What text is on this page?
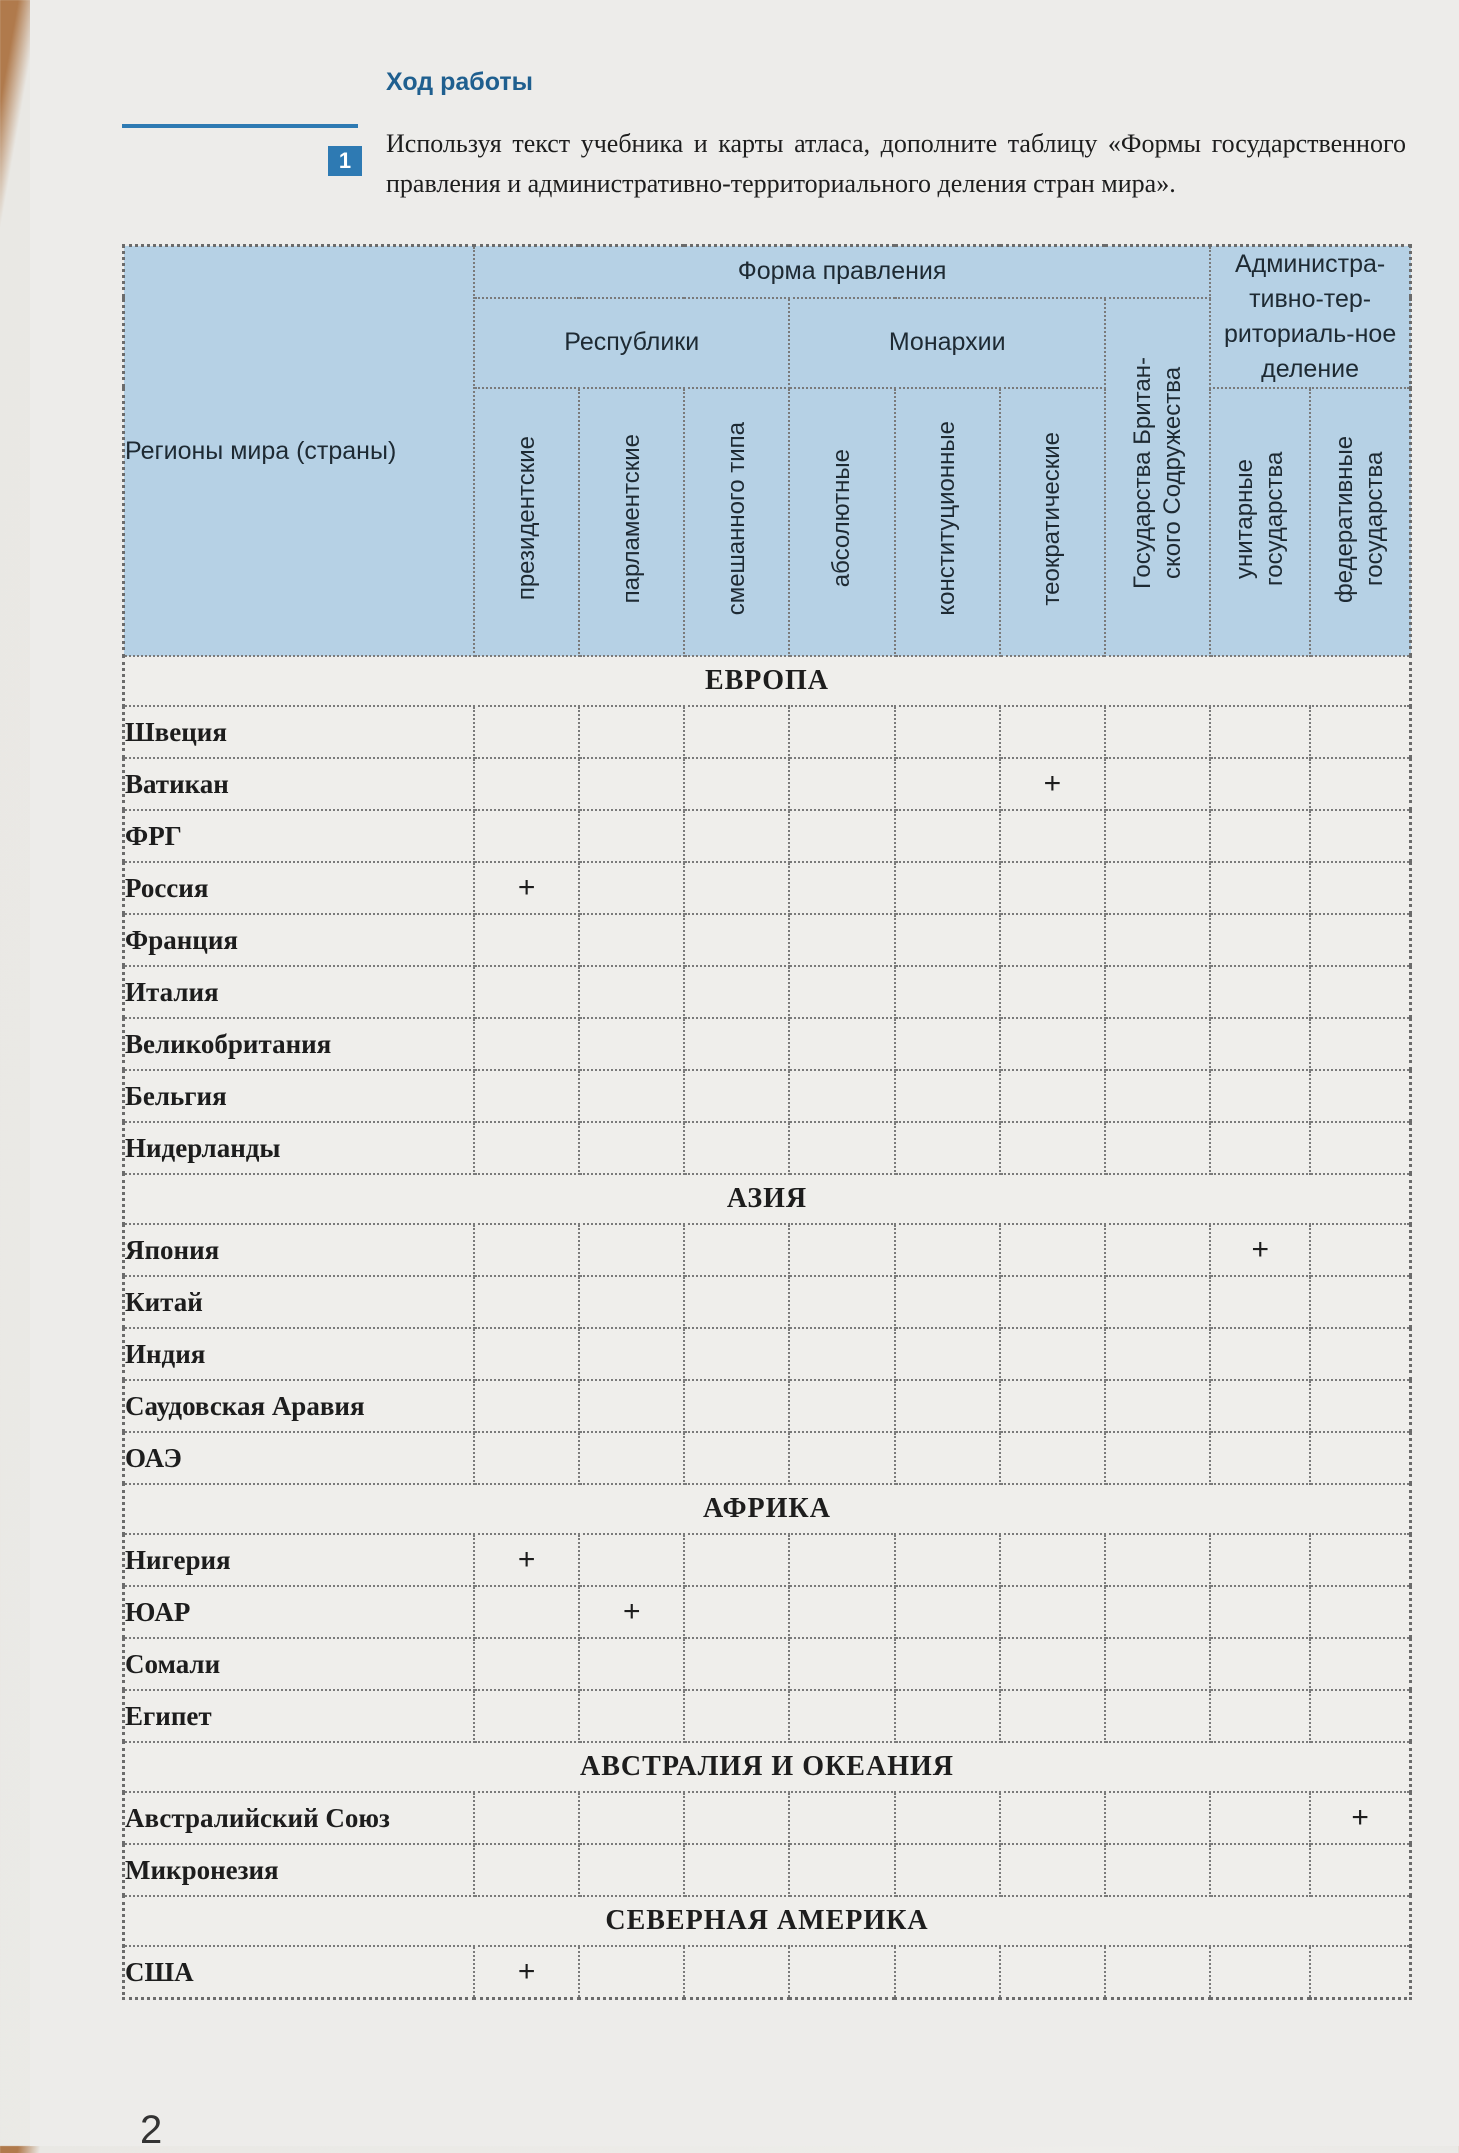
Ход работы
1
Используя текст учебника и карты атласа, дополните таблицу «Формы государственного правления и административно-территориального деления стран мира».
Регионы мира (страны)	Форма правления							Администра-тивно-тер-риториаль-ное деление	
	Республики			Монархии			Государства Британ-ского Содружества		
	президентские	парламентские	смешанного типа	абсолютные	конституционные	теократические		унитарные государства	федеративные государства
ЕВРОПА									
Швеция									
Ватикан						+			
ФРГ									
Россия	+								
Франция									
Италия									
Великобритания									
Бельгия									
Нидерланды									
АЗИЯ									
Япония								+	
Китай									
Индия									
Саудовская Аравия									
ОАЭ									
АФРИКА									
Нигерия	+								
ЮАР		+							
Сомали									
Египет									
АВСТРАЛИЯ И ОКЕАНИЯ									
Австралийский Союз									+
Микронезия									
СЕВЕРНАЯ АМЕРИКА									
США	+								
2
